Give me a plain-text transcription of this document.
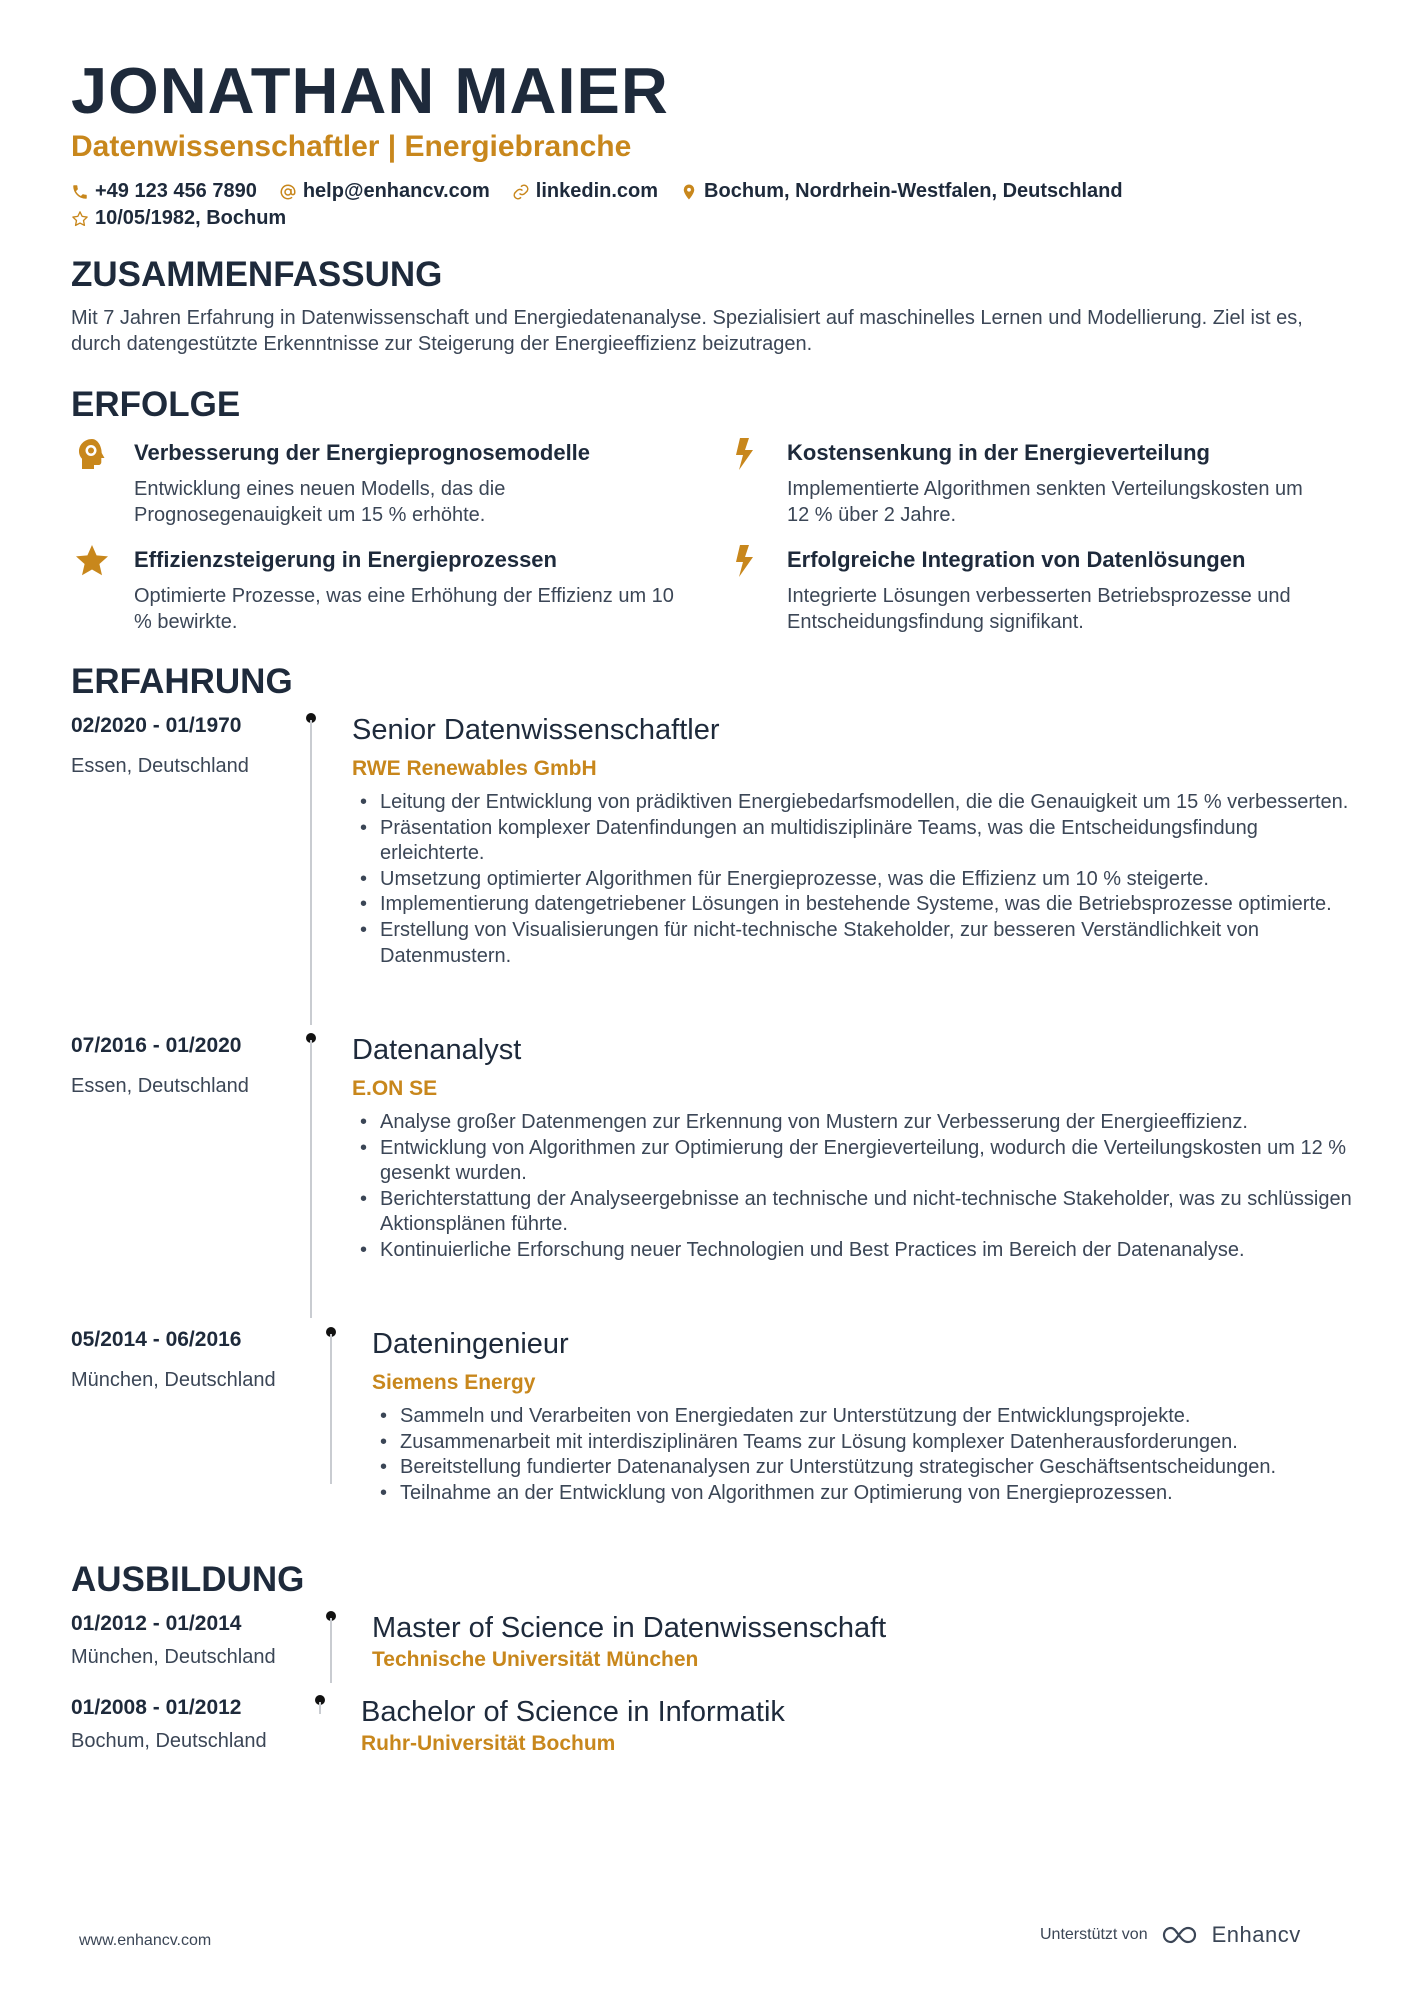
JONATHAN MAIER
Datenwissenschaftler | Energiebranche
+49 123 456 7890 help@enhancv.com linkedin.com Bochum, Nordrhein-Westfalen, Deutschland
10/05/1982, Bochum
ZUSAMMENFASSUNG
Mit 7 Jahren Erfahrung in Datenwissenschaft und Energiedatenanalyse. Spezialisiert auf maschinelles Lernen und Modellierung. Ziel ist es, durch datengestützte Erkenntnisse zur Steigerung der Energieeffizienz beizutragen.
ERFOLGE
Verbesserung der Energieprognosemodelle
Entwicklung eines neuen Modells, das die Prognosegenauigkeit um 15 % erhöhte.
Kostensenkung in der Energieverteilung
Implementierte Algorithmen senkten Verteilungskosten um 12 % über 2 Jahre.
Effizienzsteigerung in Energieprozessen
Optimierte Prozesse, was eine Erhöhung der Effizienz um 10 % bewirkte.
Erfolgreiche Integration von Datenlösungen
Integrierte Lösungen verbesserten Betriebsprozesse und Entscheidungsfindung signifikant.
ERFAHRUNG
02/2020 - 01/1970
Essen, Deutschland
Senior Datenwissenschaftler
RWE Renewables GmbH
• Leitung der Entwicklung von prädiktiven Energiebedarfsmodellen, die die Genauigkeit um 15 % verbesserten.
• Präsentation komplexer Datenfindungen an multidisziplinäre Teams, was die Entscheidungsfindung erleichterte.
• Umsetzung optimierter Algorithmen für Energieprozesse, was die Effizienz um 10 % steigerte.
• Implementierung datengetriebener Lösungen in bestehende Systeme, was die Betriebsprozesse optimierte.
• Erstellung von Visualisierungen für nicht-technische Stakeholder, zur besseren Verständlichkeit von Datenmustern.
07/2016 - 01/2020
Essen, Deutschland
Datenanalyst
E.ON SE
• Analyse großer Datenmengen zur Erkennung von Mustern zur Verbesserung der Energieeffizienz.
• Entwicklung von Algorithmen zur Optimierung der Energieverteilung, wodurch die Verteilungskosten um 12 % gesenkt wurden.
• Berichterstattung der Analyseergebnisse an technische und nicht-technische Stakeholder, was zu schlüssigen Aktionsplänen führte.
• Kontinuierliche Erforschung neuer Technologien und Best Practices im Bereich der Datenanalyse.
05/2014 - 06/2016
München, Deutschland
Dateningenieur
Siemens Energy
• Sammeln und Verarbeiten von Energiedaten zur Unterstützung der Entwicklungsprojekte.
• Zusammenarbeit mit interdisziplinären Teams zur Lösung komplexer Datenherausforderungen.
• Bereitstellung fundierter Datenanalysen zur Unterstützung strategischer Geschäftsentscheidungen.
• Teilnahme an der Entwicklung von Algorithmen zur Optimierung von Energieprozessen.
AUSBILDUNG
01/2012 - 01/2014
München, Deutschland
Master of Science in Datenwissenschaft
Technische Universität München
01/2008 - 01/2012
Bochum, Deutschland
Bachelor of Science in Informatik
Ruhr-Universität Bochum
www.enhancv.com	Unterstützt von	Enhancv
